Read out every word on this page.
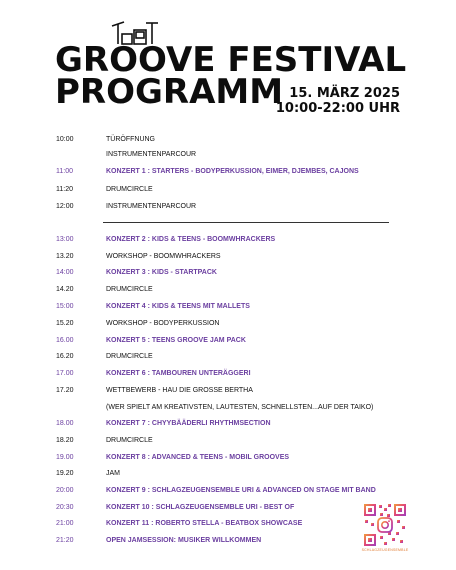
GROOVE FESTIVAL
PROGRAMM 15. MÄRZ 2025
10:00-22:00 UHR
10:00	TÜRÖFFNUNG
INSTRUMENTENPARCOUR
11:00	KONZERT 1 : STARTERS - BODYPERKUSSION, EIMER, DJEMBES, CAJONS
11:20	DRUMCIRCLE
12:00	INSTRUMENTENPARCOUR
13:00	KONZERT 2 : KIDS & TEENS - BOOMWHRACKERS
13.20	WORKSHOP - BOOMWHRACKERS
14:00	KONZERT 3 : KIDS - STARTPACK
14.20	DRUMCIRCLE
15:00	KONZERT 4 : KIDS & TEENS MIT MALLETS
15.20	WORKSHOP - BODYPERKUSSION
16.00	KONZERT 5 : TEENS GROOVE JAM PACK
16.20	DRUMCIRCLE
17.00	KONZERT 6 : TAMBOUREN UNTERÄGGERI
17.20	WETTBEWERB - HAU DIE GROSSE BERTHA
(WER SPIELT AM KREATIVSTEN, LAUTESTEN, SCHNELLSTEN...AUF DER TAIKO)
18.00	KONZERT 7 : CHYYBÄÄDERLI RHYTHMSECTION
18.20	DRUMCIRCLE
19.00	KONZERT 8 : ADVANCED & TEENS - MOBIL GROOVES
19.20	JAM
20:00	KONZERT 9 : SCHLAGZEUGENSEMBLE URI & ADVANCED ON STAGE MIT BAND
20:30	KONZERT 10 : SCHLAGZEUGENSEMBLE URI - BEST OF
21:00	KONZERT 11 : ROBERTO STELLA - BEATBOX SHOWCASE
21:20	OPEN JAMSESSION: MUSIKER WILLKOMMEN
SCHLAGZEUGENSEMBLE
